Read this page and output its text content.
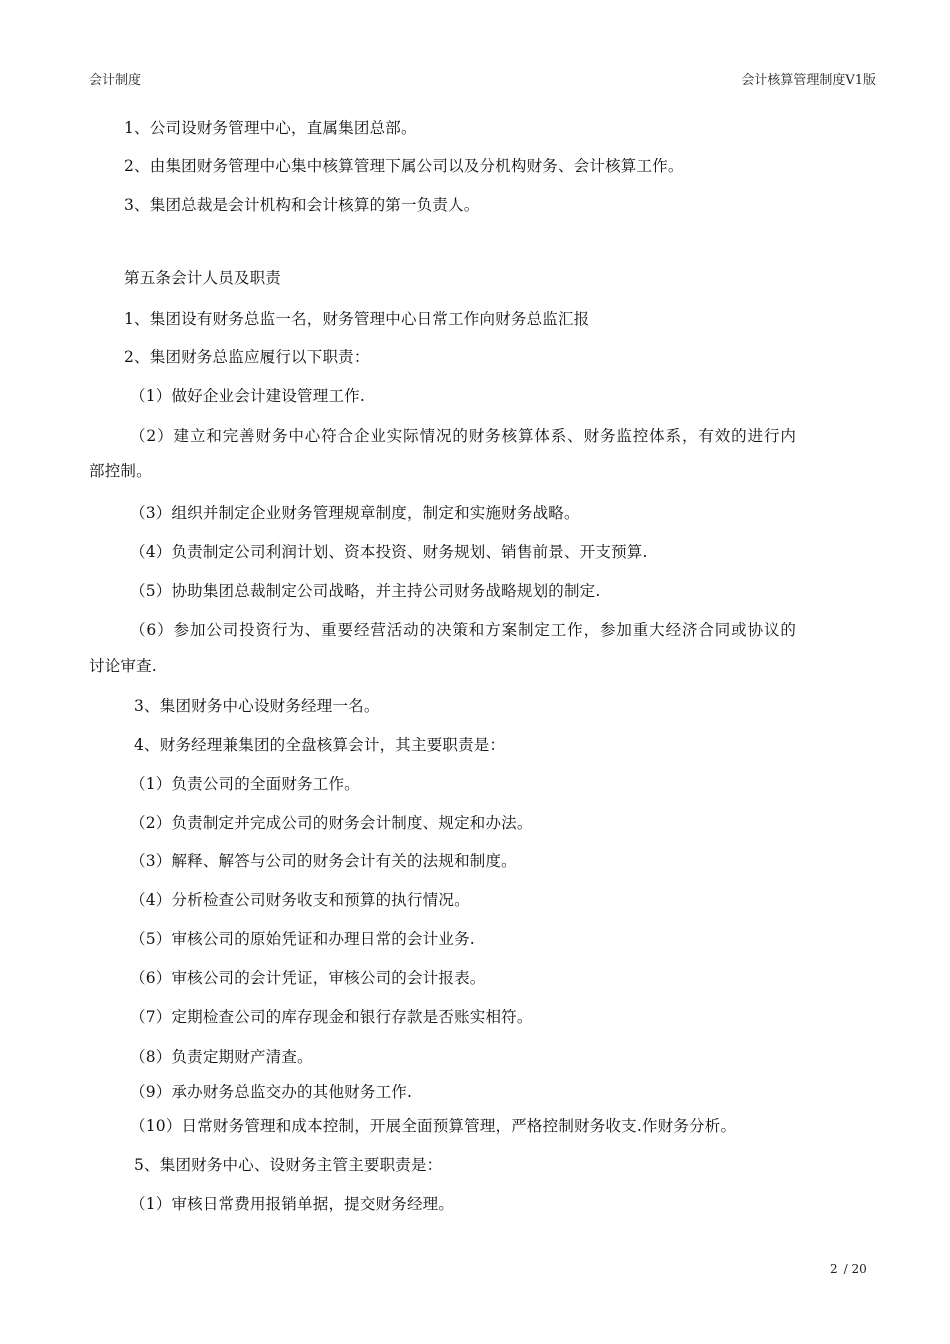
会计制度	会计核算管理制度V1版
1、公司设财务管理中心，直属集团总部。
2、由集团财务管理中心集中核算管理下属公司以及分机构财务、会计核算工作。
3、集团总裁是会计机构和会计核算的第一负责人。
第五条会计人员及职责
1、集团设有财务总监一名，财务管理中心日常工作向财务总监汇报
2、集团财务总监应履行以下职责：
（1）做好企业会计建设管理工作.
（2）建立和完善财务中心符合企业实际情况的财务核算体系、财务监控体系，有效的进行内
部控制。
（3）组织并制定企业财务管理规章制度，制定和实施财务战略。
（4）负责制定公司利润计划、资本投资、财务规划、销售前景、开支预算.
（5）协助集团总裁制定公司战略，并主持公司财务战略规划的制定.
（6）参加公司投资行为、重要经营活动的决策和方案制定工作，参加重大经济合同或协议的
讨论审查.
3、集团财务中心设财务经理一名。
4、财务经理兼集团的全盘核算会计，其主要职责是：
（1）负责公司的全面财务工作。
（2）负责制定并完成公司的财务会计制度、规定和办法。
（3）解释、解答与公司的财务会计有关的法规和制度。
（4）分析检查公司财务收支和预算的执行情况。
（5）审核公司的原始凭证和办理日常的会计业务.
（6）审核公司的会计凭证，审核公司的会计报表。
（7）定期检查公司的库存现金和银行存款是否账实相符。
（8）负责定期财产清查。
（9）承办财务总监交办的其他财务工作.
（10）日常财务管理和成本控制，开展全面预算管理，严格控制财务收支.作财务分析。
5、集团财务中心、设财务主管主要职责是：
（1）审核日常费用报销单据，提交财务经理。
2 / 20
